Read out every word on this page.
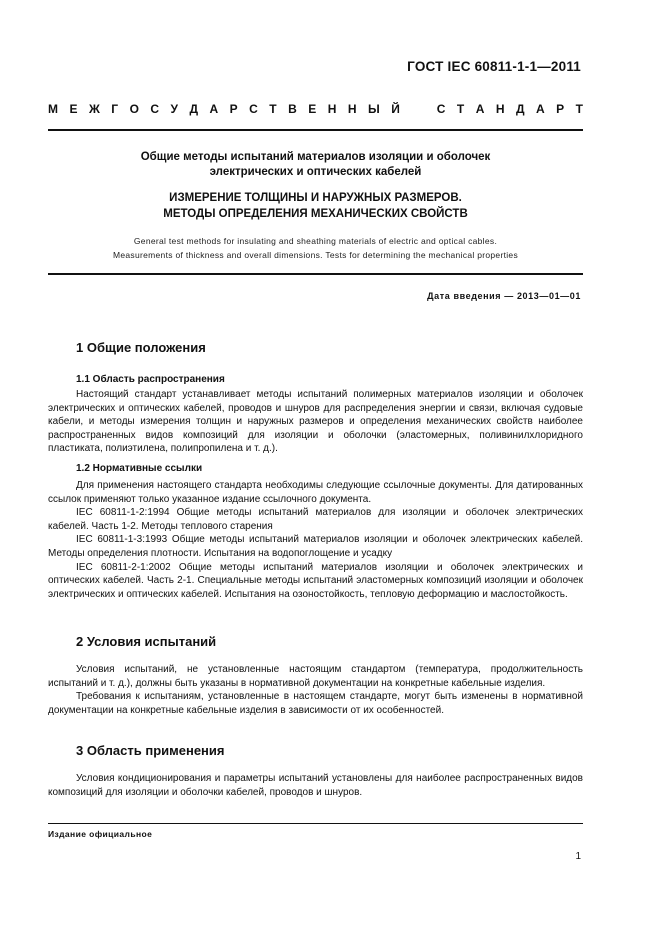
ГОСТ IEC 60811-1-1—2011
М Е Ж Г О С У Д А Р С Т В Е Н Н Ы Й	С Т А Н Д А Р Т
Общие методы испытаний материалов изоляции и оболочек
электрических и оптических кабелей
ИЗМЕРЕНИЕ ТОЛЩИНЫ И НАРУЖНЫХ РАЗМЕРОВ.
МЕТОДЫ ОПРЕДЕЛЕНИЯ МЕХАНИЧЕСКИХ СВОЙСТВ
General test methods for insulating and sheathing materials of electric and optical cables.
Measurements of thickness and overall dimensions. Tests for determining the mechanical properties
Дата введения — 2013—01—01
1 Общие положения
1.1 Область распространения

Настоящий стандарт устанавливает методы испытаний полимерных материалов изоляции и оболочек электрических и оптических кабелей, проводов и шнуров для распределения энергии и связи, включая судовые кабели, и методы измерения толщин и наружных размеров и определения механических свойств наиболее распространенных видов композиций для изоляции и оболочки (эластомерных, поливинилхлоридного пластиката, полиэтилена, полипропилена и т. д.).

1.2 Нормативные ссылки

Для применения настоящего стандарта необходимы следующие ссылочные документы. Для датированных ссылок применяют только указанное издание ссылочного документа.

IEC 60811-1-2:1994 Общие методы испытаний материалов для изоляции и оболочек электрических кабелей. Часть 1-2. Методы теплового старения

IEC 60811-1-3:1993 Общие методы испытаний материалов изоляции и оболочек электрических кабелей. Методы определения плотности. Испытания на водопоглощение и усадку

IEC 60811-2-1:2002 Общие методы испытаний материалов изоляции и оболочек электрических и оптических кабелей. Часть 2-1. Специальные методы испытаний эластомерных композиций изоляции и оболочек электрических и оптических кабелей. Испытания на озоностойкость, тепловую деформацию и маслостойкость.

2 Условия испытаний

Условия испытаний, не установленные настоящим стандартом (температура, продолжительность испытаний и т. д.), должны быть указаны в нормативной документации на конкретные кабельные изделия.

Требования к испытаниям, установленные в настоящем стандарте, могут быть изменены в нормативной документации на конкретные кабельные изделия в зависимости от их особенностей.

3 Область применения

Условия кондиционирования и параметры испытаний установлены для наиболее распространенных видов композиций для изоляции и оболочки кабелей, проводов и шнуров.

Издание официальное
1
